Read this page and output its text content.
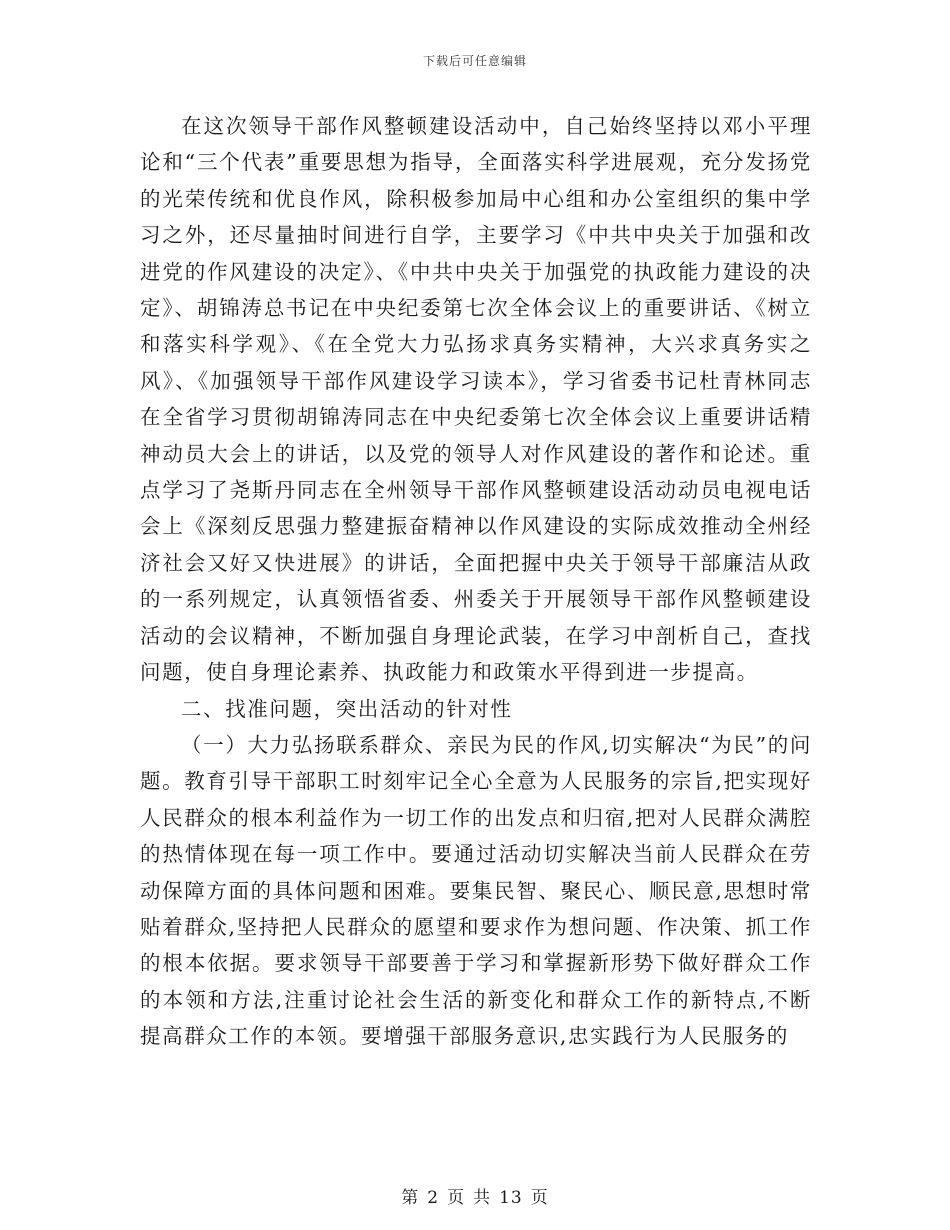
下载后可任意编辑

在这次领导干部作风整顿建设活动中，自己始终坚持以邓小平理论和“三个代表”重要思想为指导，全面落实科学进展观，充分发扬党的光荣传统和优良作风，除积极参加局中心组和办公室组织的集中学习之外，还尽量抽时间进行自学，主要学习《中共中央关于加强和改进党的作风建设的决定》、《中共中央关于加强党的执政能力建设的决定》、胡锦涛总书记在中央纪委第七次全体会议上的重要讲话、《树立和落实科学观》、《在全党大力弘扬求真务实精神，大兴求真务实之风》、《加强领导干部作风建设学习读本》，学习省委书记杜青林同志在全省学习贯彻胡锦涛同志在中央纪委第七次全体会议上重要讲话精神动员大会上的讲话，以及党的领导人对作风建设的著作和论述。重点学习了尧斯丹同志在全州领导干部作风整顿建设活动动员电视电话会上《深刻反思强力整建振奋精神以作风建设的实际成效推动全州经济社会又好又快进展》的讲话，全面把握中央关于领导干部廉洁从政的一系列规定，认真领悟省委、州委关于开展领导干部作风整顿建设活动的会议精神，不断加强自身理论武装，在学习中剖析自己，查找问题，使自身理论素养、执政能力和政策水平得到进一步提高。

二、找准问题，突出活动的针对性

（一）大力弘扬联系群众、亲民为民的作风,切实解决“为民”的问题。教育引导干部职工时刻牢记全心全意为人民服务的宗旨,把实现好人民群众的根本利益作为一切工作的出发点和归宿,把对人民群众满腔的热情体现在每一项工作中。要通过活动切实解决当前人民群众在劳动保障方面的具体问题和困难。要集民智、聚民心、顺民意,思想时常贴着群众,坚持把人民群众的愿望和要求作为想问题、作决策、抓工作的根本依据。要求领导干部要善于学习和掌握新形势下做好群众工作的本领和方法,注重讨论社会生活的新变化和群众工作的新特点,不断提高群众工作的本领。要增强干部服务意识,忠实践行为人民服务的

第 2 页 共 13 页
